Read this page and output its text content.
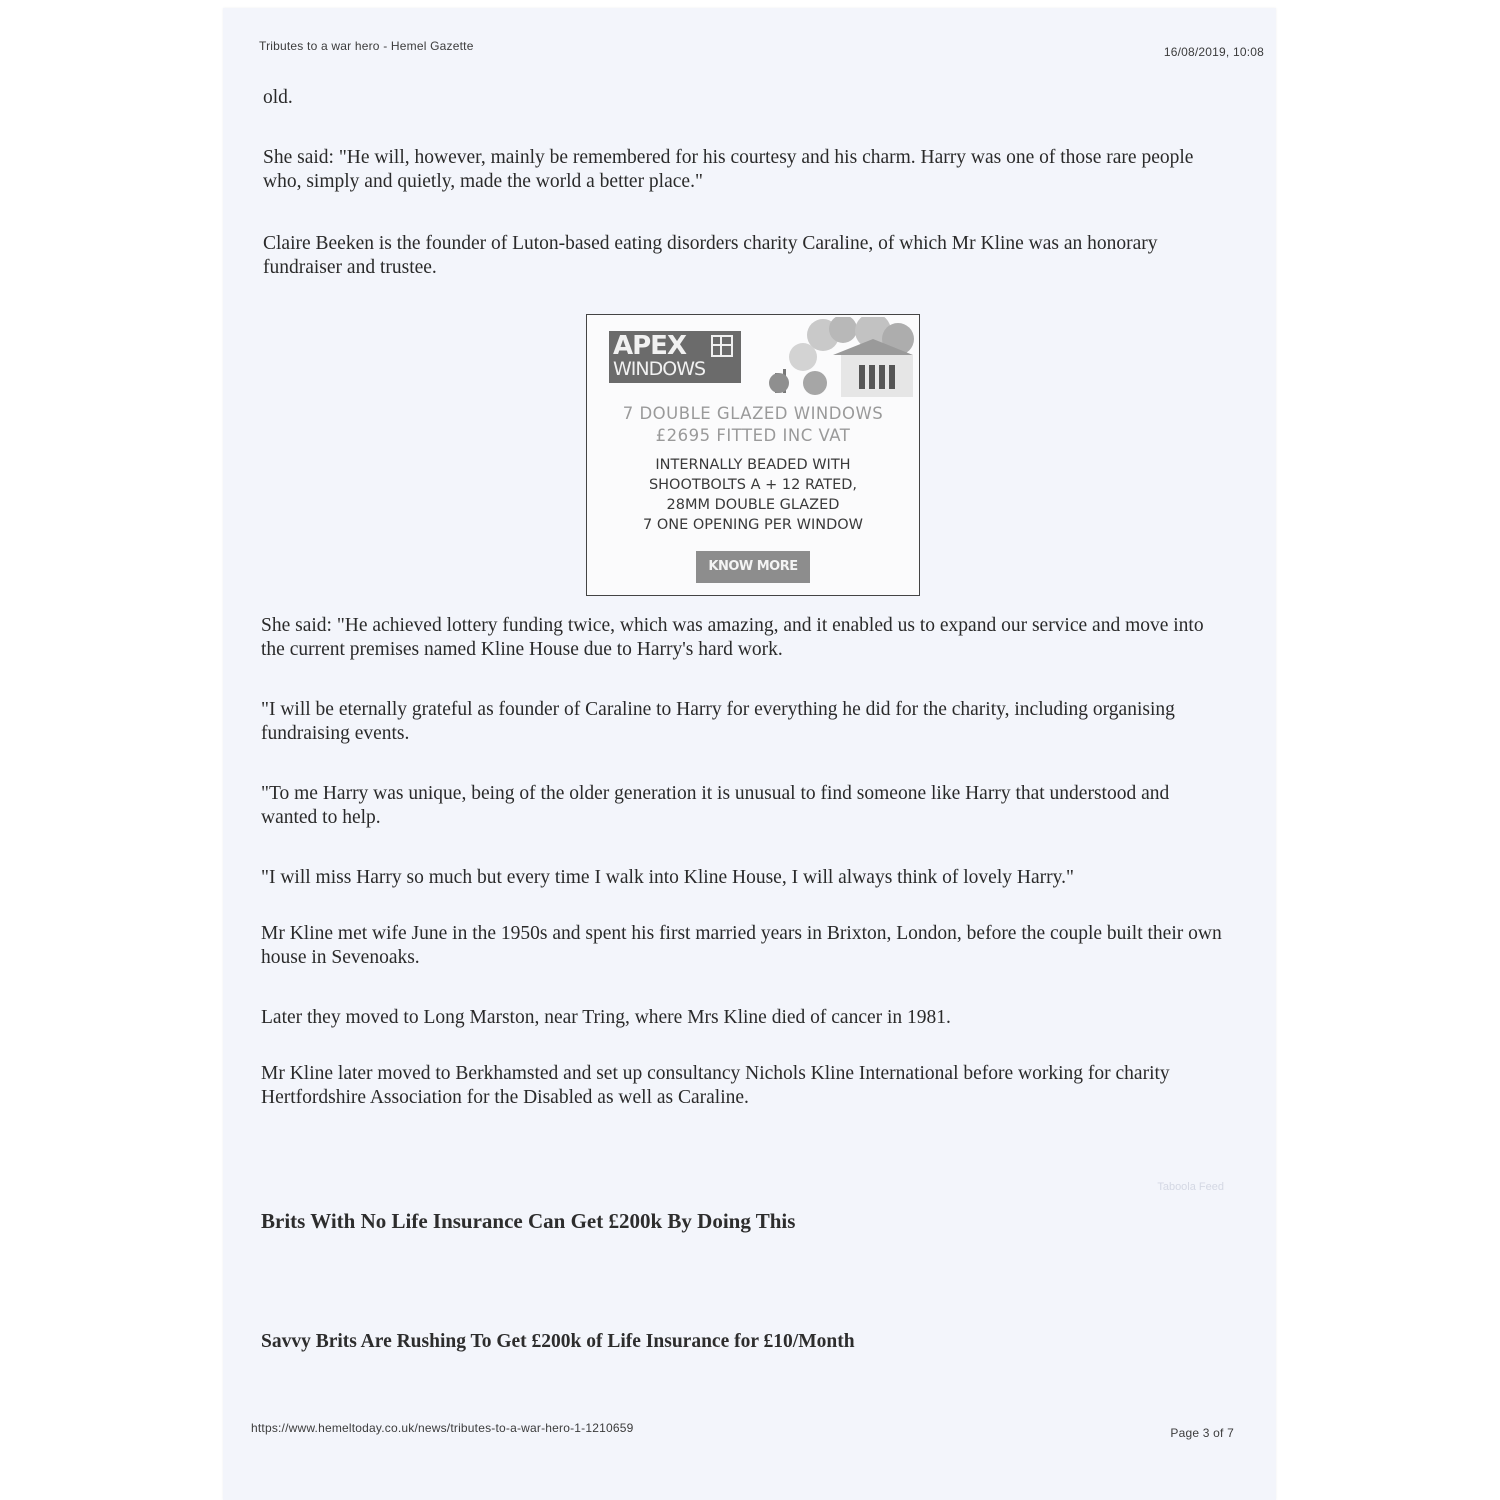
Tributes to a war hero - Hemel Gazette	16/08/2019, 10:08

old.

She said: "He will, however, mainly be remembered for his courtesy and his charm. Harry was one of those rare people who, simply and quietly, made the world a better place."

Claire Beeken is the founder of Luton-based eating disorders charity Caraline, of which Mr Kline was an honorary fundraiser and trustee.

APEX
WINDOWS
7 DOUBLE GLAZED WINDOWS
£2695 FITTED INC VAT
INTERNALLY BEADED WITH
SHOOTBOLTS A + 12 RATED,
28MM DOUBLE GLAZED
7 ONE OPENING PER WINDOW
KNOW MORE

She said: "He achieved lottery funding twice, which was amazing, and it enabled us to expand our service and move into the current premises named Kline House due to Harry's hard work.

"I will be eternally grateful as founder of Caraline to Harry for everything he did for the charity, including organising fundraising events.

"To me Harry was unique, being of the older generation it is unusual to find someone like Harry that understood and wanted to help.

"I will miss Harry so much but every time I walk into Kline House, I will always think of lovely Harry."

Mr Kline met wife June in the 1950s and spent his first married years in Brixton, London, before the couple built their own house in Sevenoaks.

Later they moved to Long Marston, near Tring, where Mrs Kline died of cancer in 1981.

Mr Kline later moved to Berkhamsted and set up consultancy Nichols Kline International before working for charity Hertfordshire Association for the Disabled as well as Caraline.

Taboola Feed

Brits With No Life Insurance Can Get £200k By Doing This

Savvy Brits Are Rushing To Get £200k of Life Insurance for £10/Month

https://www.hemeltoday.co.uk/news/tributes-to-a-war-hero-1-1210659	Page 3 of 7
